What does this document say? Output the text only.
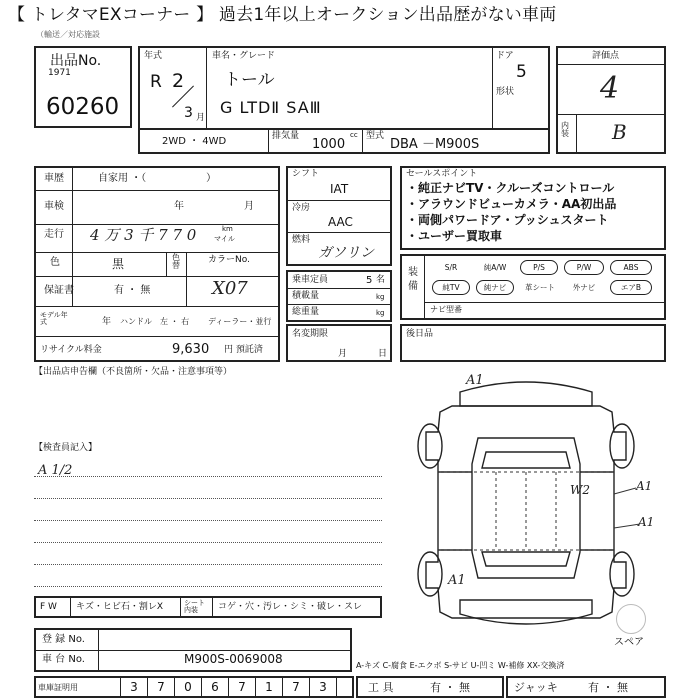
【 トレタマEXコーナー 】 過去1年以上オークション出品歴がない車両
（輸送／対応施設
出品No.
1971
60260
年式
R 2
3 月
車名・グレード
トール
G LTDⅡ SAⅢ
ドア
5
形状
2WD ・ 4WD	排気量
1000
cc 型式
DBA －M900S
評価点
4
内装 B
車歴	自家用 ・（　　　　　　）
車検	年	月
走行 4 万 3 千 7 7 0	km
マイル
色	黒	色替
カラーNo.
保証書	有 ・ 無	X07
モデル年式	年 ハンドル　左 ・ 右 ディーラー・並行
リサイクル料金	9,630 円 預託済
シフト
IAT
冷房
AAC
燃料
ガソリン
乗車定員	5 名
積載量	kg
総重量	kg
名変期限
月	日
セールスポイント
・純正ナビTV・クルーズコントロール
・アラウンドビューカメラ・AA初出品
・両側パワードア・プッシュスタート
・ユーザー買取車
装備
S/R	純A/W	P/S	P/W	ABS
純TV	純ナビ	革シート	外ナビ	エアB
ナビ型番
後日品
【出品店申告欄（不良箇所・欠品・注意事項等）
【検査員記入】
A 1/2
A1
W2	A1
A1
A1
スペア
F W キズ・ヒビ石・割レX	シート内装	コゲ・穴・汚レ・シミ・破レ・スレ
登 録 No.
車 台 No.	M900S-0069008	A-キズ C-腐食 E-エクボ S-サビ U-凹ミ W-補修 XX-交換済
車庫証明用	3	7	0	6	7	1	7	3	工 具	有 ・ 無	ジャッキ	有 ・ 無
